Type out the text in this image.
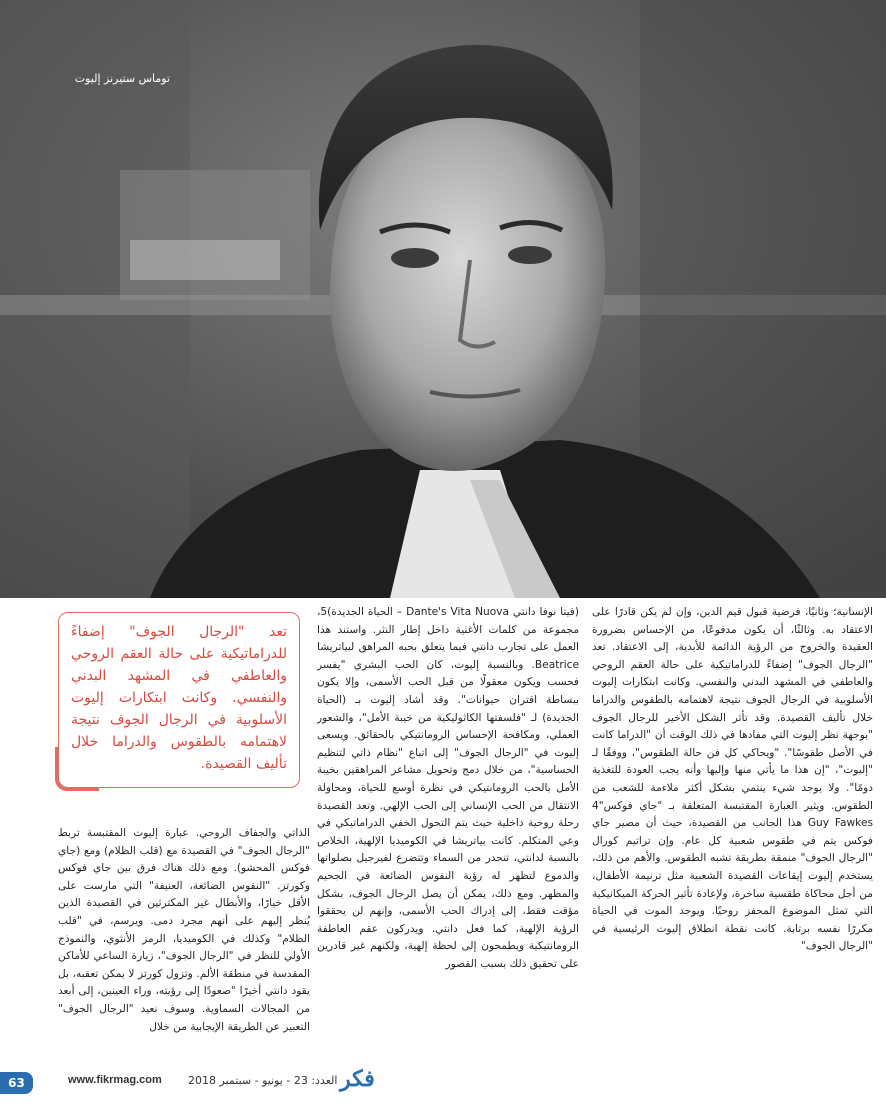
توماس ستيرنز إليوت

الإنسانية؛ وثانيًا، فرضية قبول قيم الدين، وإن لم يكن قادرًا على الاعتقاد به. وثالثًا، أن يكون مدفوعًا، من الإحساس بضرورة العقيدة والخروج من الرؤية الدائمة للأبدية، إلى الاعتقاد. تعد "الرجال الجوف" إضفاءً للدراماتيكية على حالة العقم الروحي والعاطفي في المشهد البدني والنفسي. وكانت ابتكارات إليوت الأسلوبية في الرجال الجوف نتيجة لاهتمامه بالطقوس والدراما خلال تأليف القصيدة. وقد تأثر الشكل الأخير للرجال الجوف "بوجهة نظر إليوت التي مفادها في ذلك الوقت أن "الدراما كانت في الأصل طقوسًا". "ويحاكي كل فن حالة الطقوس"، ووفقًا لـ "إليوت"، "إن هذا ما يأتي منها وإليها وأنه يجب العودة للتغذية دومًا". ولا يوجد شيء ينتمي بشكل أكثر ملاءمة للشعب من الطقوس. ويثير العبارة المقتبسة المتعلقة بـ "جاي فوكس"4 Guy Fawkes هذا الجانب من القصيدة، حيث أن مصير جاي فوكس يتم في طقوس شعبية كل عام. وإن تراتيم كورال "الرجال الجوف" منمقة بطريقة تشبه الطقوس. والأهم من ذلك، يستخدم إليوت إيقاعات القصيدة الشعبية مثل ترنيمة الأطفال، من أجل محاكاة طقسية ساخرة، ولإعادة تأثير الحركة الميكانيكية التي تمثل الموضوع المحفز روحيًا. ويوجد الموت في الحياة مكررًا نفسه برتابة. كانت نقطة انطلاق إليوت الرئيسية في "الرجال الجوف"

(فيتا نوفا دانتي Dante's Vita Nuova – الحياة الجديدة)5، مجموعة من كلمات الأغنية داخل إطار النثر. واستند هذا العمل على تجارب دانتي فيما يتعلق بحبه المراهق لبياتريشا Beatrice. وبالنسبة إليوت، كان الحب البشري "يفسر فحسب ويكون معقولًا من قبل الحب الأسمى، وإلا يكون ببساطة اقتران حيوانات". وقد أشاد إليوت بـ (الحياة الجديدة) لـ "فلسفتها الكاثوليكية من خيبة الأمل"، والشعور العملي، ومكافحة الإحساس الرومانتيكي بالحقائق. ويسعى إليوت في "الرجال الجوف" إلى اتباع "نظام ذاتي لتنظيم الحساسية"، من خلال دمج وتحويل مشاعر المراهقين بخيبة الأمل بالحب الرومانتيكي في نظرة أوسع للحياة، ومحاولة الانتقال من الحب الإنساني إلى الحب الإلهي. وتعد القصيدة رحلة روحية داخلية حيث يتم التحول الخفي الدراماتيكي في وعي المتكلم. كانت بياتريشا في الكوميديا الإلهية، الخلاص بالنسبة لدانتي، تنحدر من السماء وتتضرع لفيرجيل بصلواتها والدموع لتظهر له رؤية النفوس الضائعة في الجحيم والمطهر. ومع ذلك، يمكن أن يصل الرجال الجوف، بشكل مؤقت فقط، إلى إدراك الحب الأسمى، وإنهم لن يحققوا الرؤية الإلهية، كما فعل دانتي. ويدركون عقم العاطفة الرومانتيكية ويطمحون إلى لحظة إلهية، ولكنهم غير قادرين على تحقيق ذلك بسبب القصور

تعد "الرجال الجوف" إضفاءً للدراماتيكية على حالة العقم الروحي والعاطفي في المشهد البدني والنفسي. وكانت ابتكارات إليوت الأسلوبية في الرجال الجوف نتيجة لاهتمامه بالطقوس والدراما خلال تأليف القصيدة.

الذاتي والجفاف الروحي. عبارة إليوت المقتبسة تربط "الرجال الجوف" في القصيدة مع (قلب الظلام) ومع (جاي فوكس المحشو). ومع ذلك هناك فرق بين جاي فوكس وكورتز. "النفوس الضائعة، العنيفة" التي مارست على الأقل خيارًا، والأبطال غير المكترثين في القصيدة الذين يُنظر إليهم على أنهم مجرد دمى. ويرسم، في "قلب الظلام" وكذلك في الكوميديا، الرمز الأنثوي، والنموذج الأولي للنظر في "الرجال الجوف"، زيارة الساعي للأماكن المقدسة في منطقة الألم. وتزول كورتز لا يمكن تعقبه، بل يقود دانتي أخيرًا "صعودًا إلى رؤيته، وراء العينين، إلى أبعد من المجالات السماوية. وسوف نعيد "الرجال الجوف" التعبير عن الطريقة الإيجابية من خلال

63	www.fikrmag.com العدد: 23 - يونيو - سبتمبر 2018 فكر
